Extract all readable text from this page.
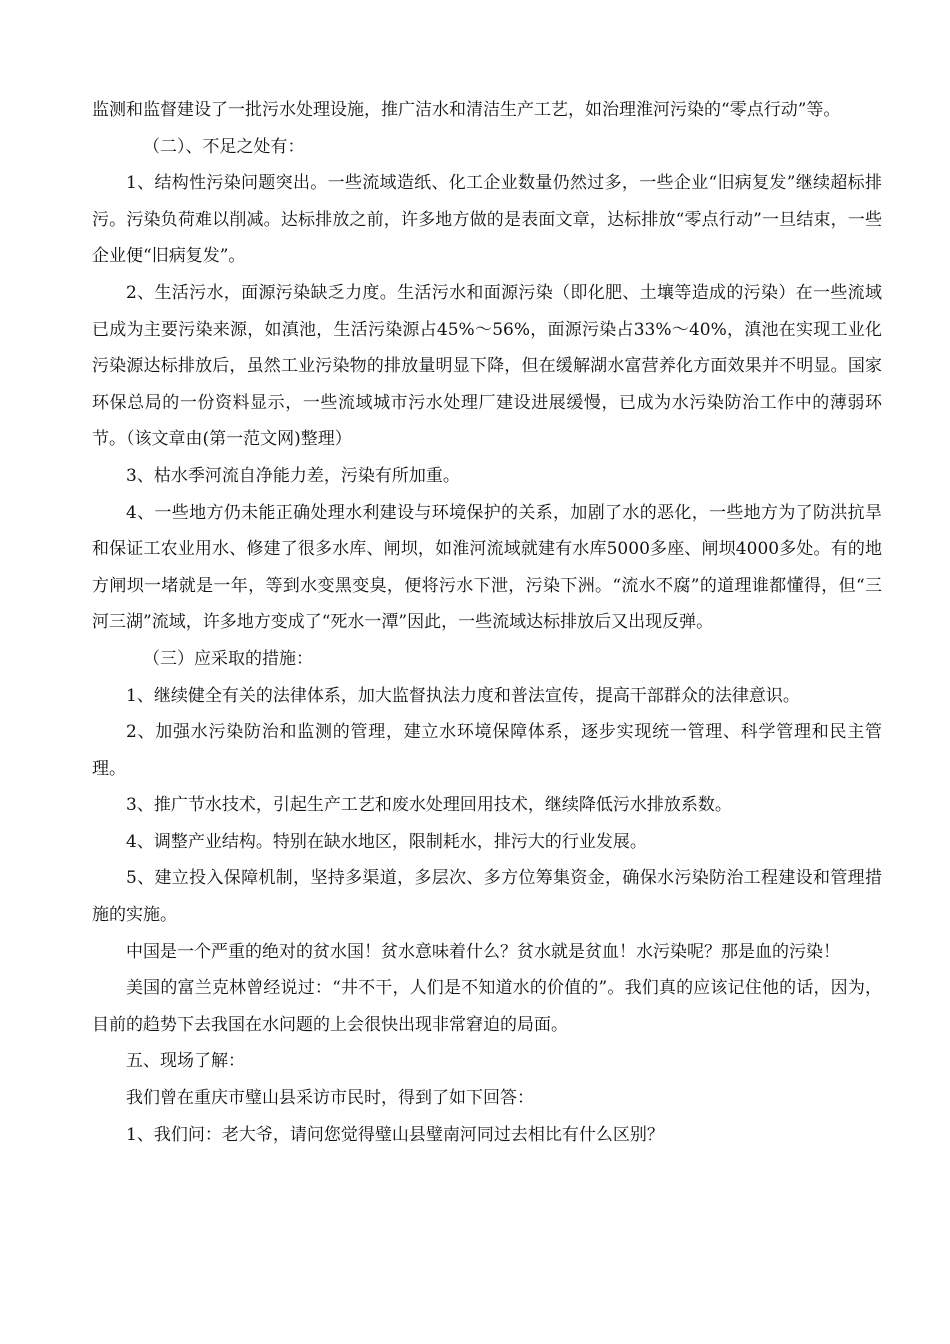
监测和监督建设了一批污水处理设施，推广洁水和清洁生产工艺，如治理淮河污染的“零点行动”等。

（二）、不足之处有：

1、结构性污染问题突出。一些流域造纸、化工企业数量仍然过多，一些企业“旧病复发”继续超标排污。污染负荷难以削减。达标排放之前，许多地方做的是表面文章，达标排放“零点行动”一旦结束，一些企业便“旧病复发”。

2、生活污水，面源污染缺乏力度。生活污水和面源污染（即化肥、土壤等造成的污染）在一些流域已成为主要污染来源，如滇池，生活污染源占45%～56%，面源污染占33%～40%，滇池在实现工业化污染源达标排放后，虽然工业污染物的排放量明显下降，但在缓解湖水富营养化方面效果并不明显。国家环保总局的一份资料显示，一些流域城市污水处理厂建设进展缓慢，已成为水污染防治工作中的薄弱环节。（该文章由(第一范文网)整理）

3、枯水季河流自净能力差，污染有所加重。

4、一些地方仍未能正确处理水利建设与环境保护的关系，加剧了水的恶化，一些地方为了防洪抗旱和保证工农业用水、修建了很多水库、闸坝，如淮河流域就建有水库5000多座、闸坝4000多处。有的地方闸坝一堵就是一年，等到水变黑变臭，便将污水下泄，污染下洲。“流水不腐”的道理谁都懂得，但“三河三湖”流域，许多地方变成了“死水一潭”因此，一些流域达标排放后又出现反弹。

（三）应采取的措施：

1、继续健全有关的法律体系，加大监督执法力度和普法宣传，提高干部群众的法律意识。

2、加强水污染防治和监测的管理，建立水环境保障体系，逐步实现统一管理、科学管理和民主管理。

3、推广节水技术，引起生产工艺和废水处理回用技术，继续降低污水排放系数。

4、调整产业结构。特别在缺水地区，限制耗水，排污大的行业发展。

5、建立投入保障机制，坚持多渠道，多层次、多方位筹集资金，确保水污染防治工程建设和管理措施的实施。

中国是一个严重的绝对的贫水国！贫水意味着什么？贫水就是贫血！水污染呢？那是血的污染！

美国的富兰克林曾经说过：“井不干，人们是不知道水的价值的”。我们真的应该记住他的话，因为，目前的趋势下去我国在水问题的上会很快出现非常窘迫的局面。

五、现场了解：

我们曾在重庆市璧山县采访市民时，得到了如下回答：

1、我们问：老大爷，请问您觉得璧山县璧南河同过去相比有什么区别？
